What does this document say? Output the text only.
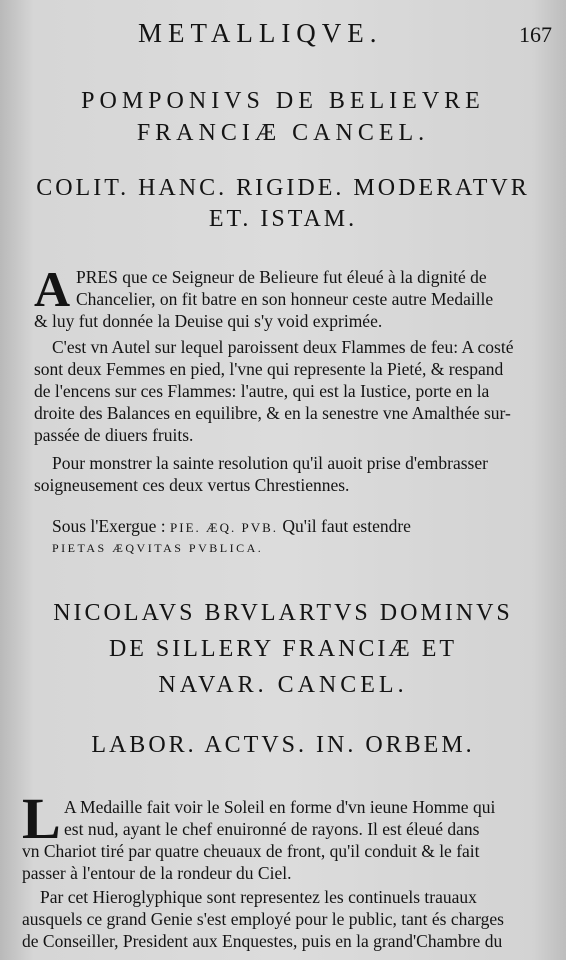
METALLIQVE.	167
POMPONIVS DE BELIEVRE
FRANCIÆ CANCEL.
COLIT. HANC. RIGIDE. MODERATVR
ET. ISTAM.
A PRES que ce Seigneur de Belieure fut éleué à la dignité de
Chancelier, on fit batre en son honneur ceste autre Medaille
& luy fut donnée la Deuise qui s'y void exprimée.
C'est vn Autel sur lequel paroissent deux Flammes de feu: A costé
sont deux Femmes en pied, l'vne qui represente la Pieté, & respand
de l'encens sur ces Flammes: l'autre, qui est la Iustice, porte en la
droite des Balances en equilibre, & en la senestre vne Amalthée sur-
passée de diuers fruits.
Pour monstrer la sainte resolution qu'il auoit prise d'embrasser
soigneusement ces deux vertus Chrestiennes.
Sous l'Exergue : PIE. ÆQ. PVB. Qu'il faut estendre
PIETAS ÆQVITAS PVBLICA.
NICOLAVS BRVLARTVS DOMINVS
DE SILLERY FRANCIÆ ET
NAVAR. CANCEL.
LABOR. ACTVS. IN. ORBEM.
L A Medaille fait voir le Soleil en forme d'vn ieune Homme qui
est nud, ayant le chef enuironné de rayons. Il est éleué dans
vn Chariot tiré par quatre cheuaux de front, qu'il conduit & le fait
passer à l'entour de la rondeur du Ciel.
Par cet Hieroglyphique sont representez les continuels trauaux
ausquels ce grand Genie s'est employé pour le public, tant és charges
de Conseiller, President aux Enquestes, puis en la grand'Chambre du
